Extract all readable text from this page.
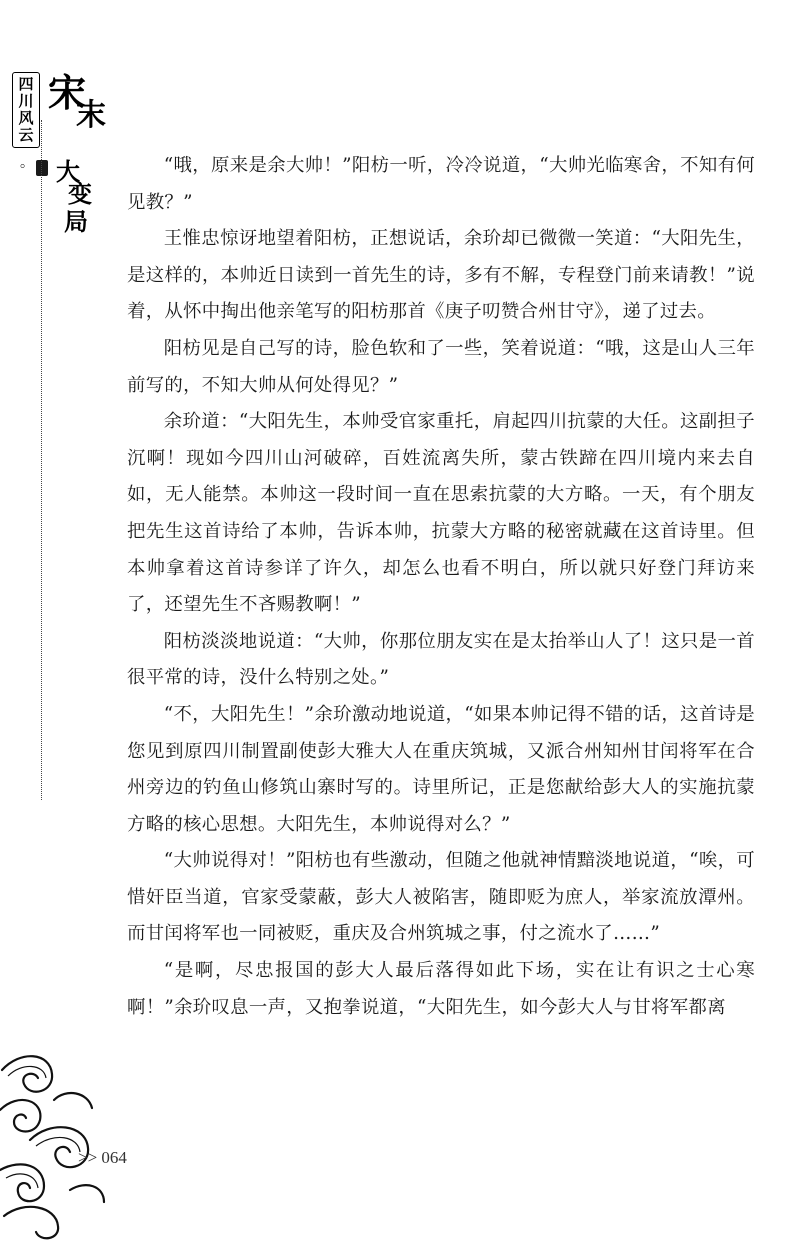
四
川
风
云
。
宋
末
大
变
局

“哦，原来是余大帅！”阳枋一听，冷冷说道，“大帅光临寒舍，不知有何见教？”

王惟忠惊讶地望着阳枋，正想说话，余玠却已微微一笑道：“大阳先生，是这样的，本帅近日读到一首先生的诗，多有不解，专程登门前来请教！”说着，从怀中掏出他亲笔写的阳枋那首《庚子叨赞合州甘守》，递了过去。

阳枋见是自己写的诗，脸色软和了一些，笑着说道：“哦，这是山人三年前写的，不知大帅从何处得见？”

余玠道：“大阳先生，本帅受官家重托，肩起四川抗蒙的大任。这副担子沉啊！现如今四川山河破碎，百姓流离失所，蒙古铁蹄在四川境内来去自如，无人能禁。本帅这一段时间一直在思索抗蒙的大方略。一天，有个朋友把先生这首诗给了本帅，告诉本帅，抗蒙大方略的秘密就藏在这首诗里。但本帅拿着这首诗参详了许久，却怎么也看不明白，所以就只好登门拜访来了，还望先生不吝赐教啊！”

阳枋淡淡地说道：“大帅，你那位朋友实在是太抬举山人了！这只是一首很平常的诗，没什么特别之处。”

“不，大阳先生！”余玠激动地说道，“如果本帅记得不错的话，这首诗是您见到原四川制置副使彭大雅大人在重庆筑城，又派合州知州甘闰将军在合州旁边的钓鱼山修筑山寨时写的。诗里所记，正是您献给彭大人的实施抗蒙方略的核心思想。大阳先生，本帅说得对么？”

“大帅说得对！”阳枋也有些激动，但随之他就神情黯淡地说道，“唉，可惜奸臣当道，官家受蒙蔽，彭大人被陷害，随即贬为庶人，举家流放潭州。而甘闰将军也一同被贬，重庆及合州筑城之事，付之流水了……”

“是啊，尽忠报国的彭大人最后落得如此下场，实在让有识之士心寒啊！”余玠叹息一声，又抱拳说道，“大阳先生，如今彭大人与甘将军都离

>> 064
